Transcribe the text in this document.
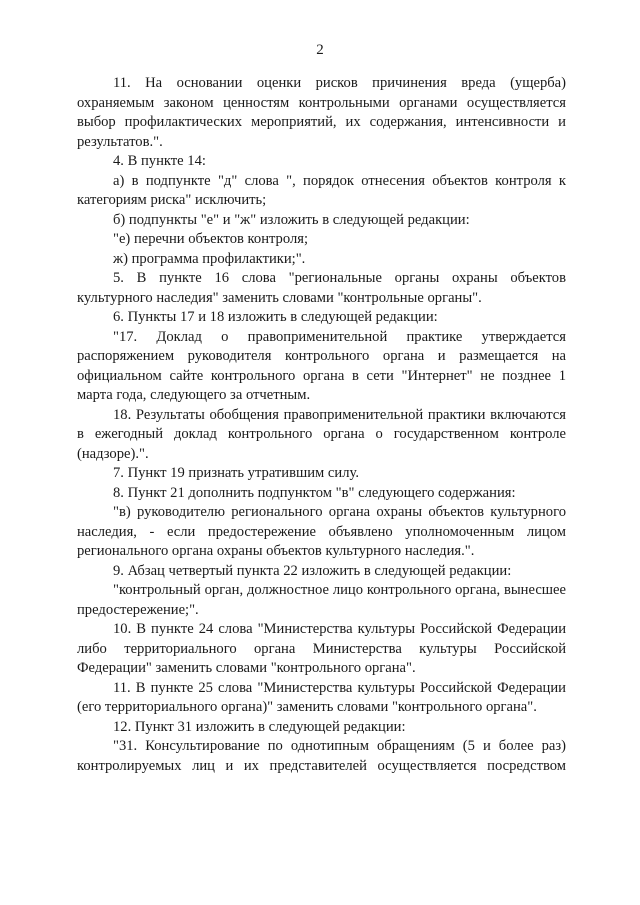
2

11. На основании оценки рисков причинения вреда (ущерба) охраняемым законом ценностям контрольными органами осуществляется выбор профилактических мероприятий, их содержания, интенсивности и результатов.".

4. В пункте 14:

а) в подпункте "д" слова ", порядок отнесения объектов контроля к категориям риска" исключить;

б) подпункты "е" и "ж" изложить в следующей редакции:

"е) перечни объектов контроля;

ж) программа профилактики;".

5. В пункте 16 слова "региональные органы охраны объектов культурного наследия" заменить словами "контрольные органы".

6. Пункты 17 и 18 изложить в следующей редакции:

"17. Доклад о правоприменительной практике утверждается распоряжением руководителя контрольного органа и размещается на официальном сайте контрольного органа в сети "Интернет" не позднее 1 марта года, следующего за отчетным.

18. Результаты обобщения правоприменительной практики включаются в ежегодный доклад контрольного органа о государственном контроле (надзоре).".

7. Пункт 19 признать утратившим силу.

8. Пункт 21 дополнить подпунктом "в" следующего содержания:

"в) руководителю регионального органа охраны объектов культурного наследия, - если предостережение объявлено уполномоченным лицом регионального органа охраны объектов культурного наследия.".

9. Абзац четвертый пункта 22 изложить в следующей редакции:

"контрольный орган, должностное лицо контрольного органа, вынесшее предостережение;".

10. В пункте 24 слова "Министерства культуры Российской Федерации либо территориального органа Министерства культуры Российской Федерации" заменить словами "контрольного органа".

11. В пункте 25 слова "Министерства культуры Российской Федерации (его территориального органа)" заменить словами "контрольного органа".

12. Пункт 31 изложить в следующей редакции:

"31. Консультирование по однотипным обращениям (5 и более раз) контролируемых лиц и их представителей осуществляется посредством
